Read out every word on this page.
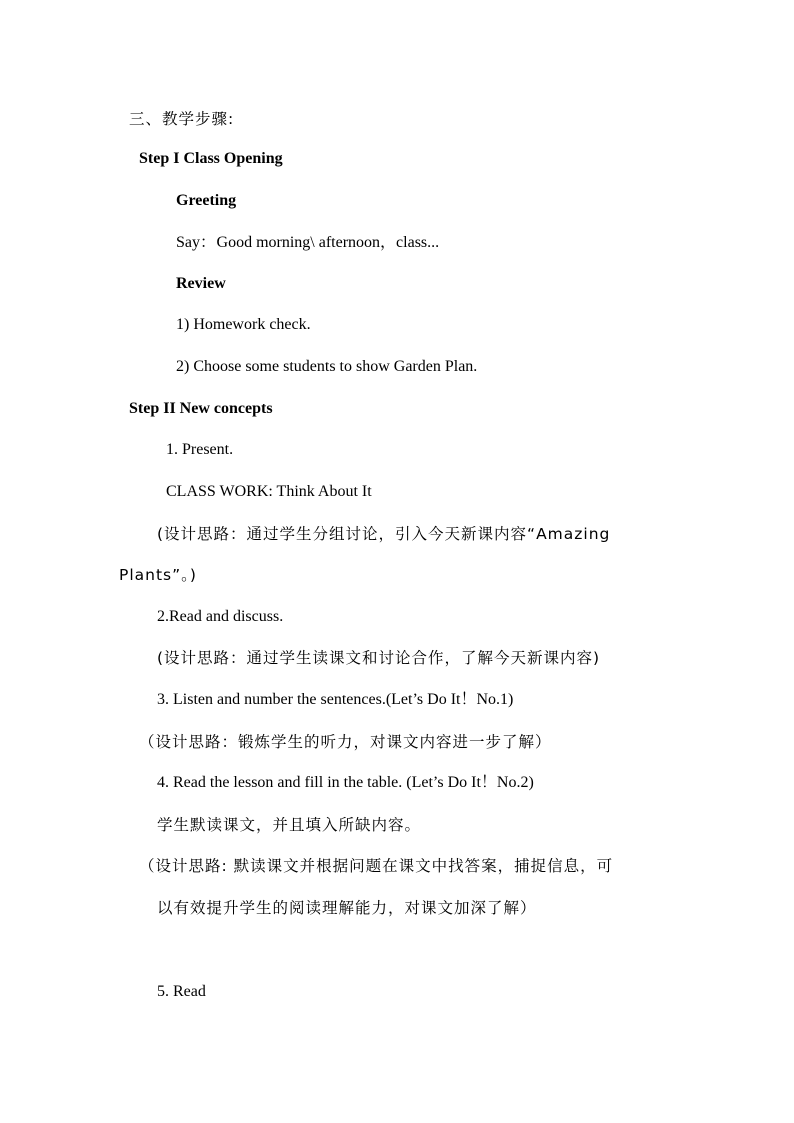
三、教学步骤:
Step I Class Opening
Greeting
Say：Good morning\ afternoon，class...
Review
1) Homework check.
2) Choose some students to show Garden Plan.
Step II New concepts
1. Present.
CLASS WORK: Think About It
(设计思路：通过学生分组讨论，引入今天新课内容“Amazing
Plants”。)
2.Read and discuss.
(设计思路：通过学生读课文和讨论合作，了解今天新课内容)
3. Listen and number the sentences.(Let’s Do It！No.1)
（设计思路：锻炼学生的听力，对课文内容进一步了解）
4. Read the lesson and fill in the table. (Let’s Do It！No.2)
学生默读课文，并且填入所缺内容。
（设计思路: 默读课文并根据问题在课文中找答案，捕捉信息，可
以有效提升学生的阅读理解能力，对课文加深了解）
5. Read
